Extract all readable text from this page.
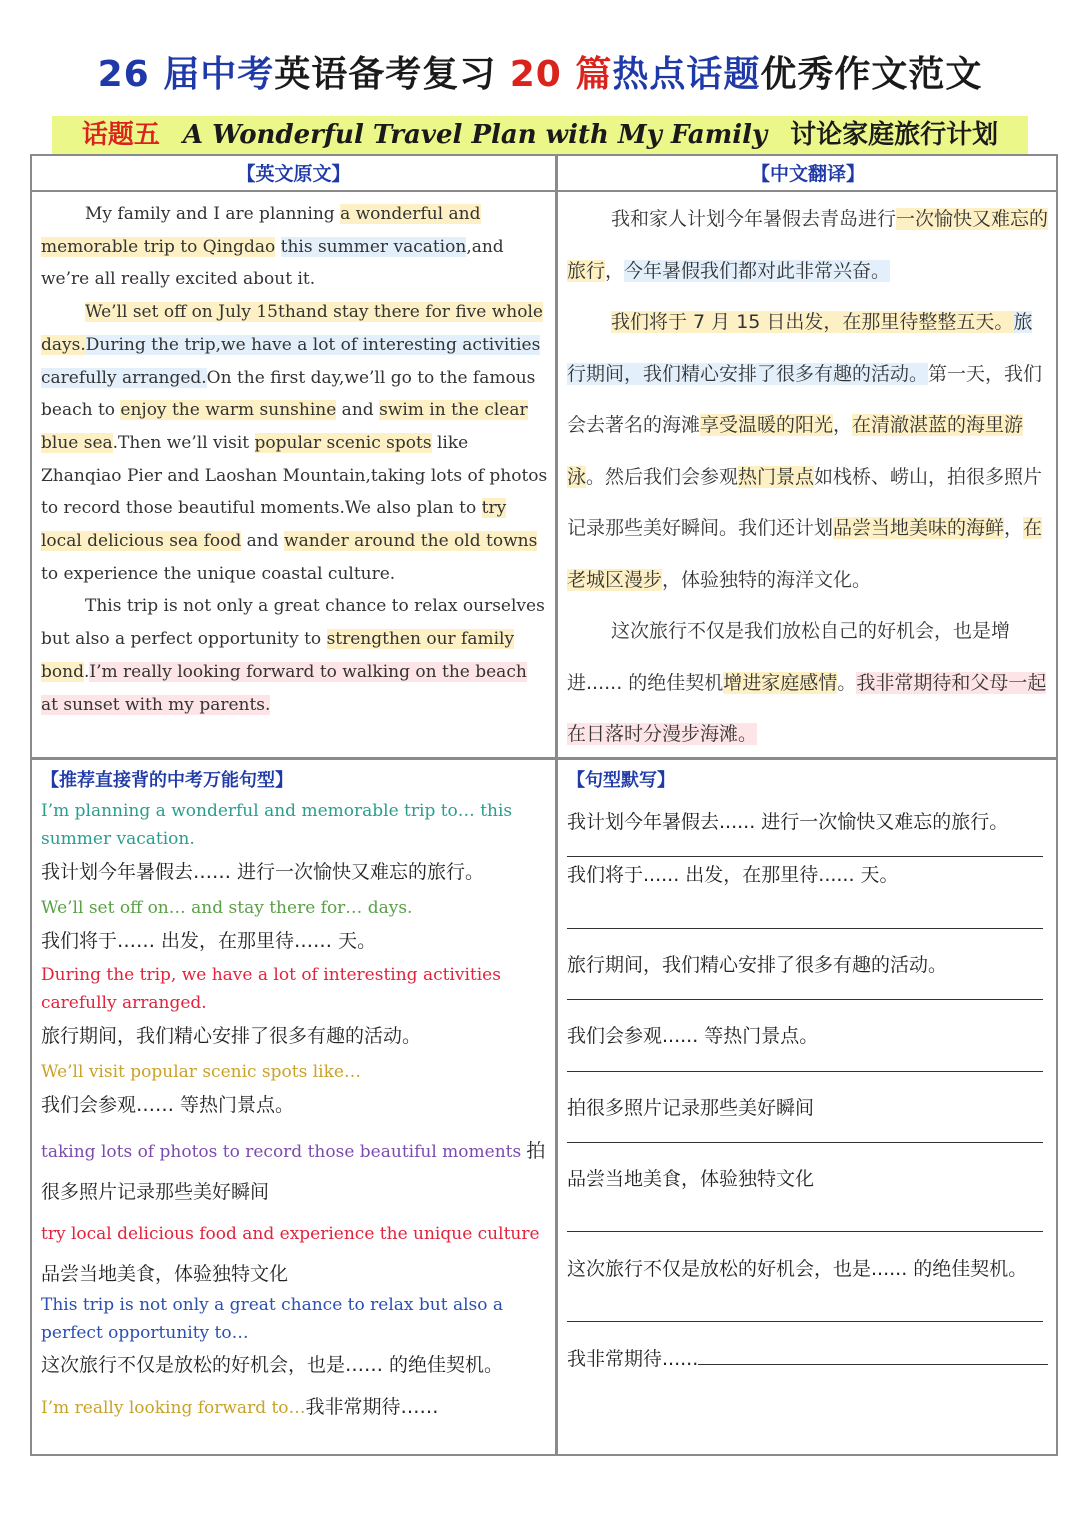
26 届中考英语备考复习 20 篇热点话题优秀作文范文
话题五 A Wonderful Travel Plan with My Family 讨论家庭旅行计划
【英文原文】	【中文翻译】

My family and I are planning a wonderful and memorable trip to Qingdao this summer vacation,and we’re all really excited about it.

We’ll set off on July 15thand stay there for five whole days.During the trip,we have a lot of interesting activities carefully arranged.On the first day,we’ll go to the famous beach to enjoy the warm sunshine and swim in the clear blue sea.Then we’ll visit popular scenic spots like Zhanqiao Pier and Laoshan Mountain,taking lots of photos to record those beautiful moments.We also plan to try local delicious sea food and wander around the old towns to experience the unique coastal culture.

This trip is not only a great chance to relax ourselves but also a perfect opportunity to strengthen our family bond.I’m really looking forward to walking on the beach at sunset with my parents.

我和家人计划今年暑假去青岛进行一次愉快又难忘的旅行，今年暑假我们都对此非常兴奋。

我们将于 7 月 15 日出发，在那里待整整五天。旅行期间，我们精心安排了很多有趣的活动。第一天，我们会去著名的海滩享受温暖的阳光，在清澈湛蓝的海里游泳。然后我们会参观热门景点如栈桥、崂山，拍很多照片记录那些美好瞬间。我们还计划品尝当地美味的海鲜，在老城区漫步，体验独特的海洋文化。

这次旅行不仅是我们放松自己的好机会，也是增进...... 的绝佳契机增进家庭感情。我非常期待和父母一起在日落时分漫步海滩。

【推荐直接背的中考万能句型】
I’m planning a wonderful and memorable trip to… this summer vacation.
我计划今年暑假去…… 进行一次愉快又难忘的旅行。
We’ll set off on… and stay there for… days.
我们将于…… 出发，在那里待…… 天。
During the trip, we have a lot of interesting activities carefully arranged.
旅行期间，我们精心安排了很多有趣的活动。
We’ll visit popular scenic spots like…
我们会参观…… 等热门景点。
taking lots of photos to record those beautiful moments 拍很多照片记录那些美好瞬间
try local delicious food and experience the unique culture 品尝当地美食，体验独特文化
This trip is not only a great chance to relax but also a perfect opportunity to…
这次旅行不仅是放松的好机会，也是…… 的绝佳契机。
I’m really looking forward to…我非常期待……
【句型默写】
我计划今年暑假去...... 进行一次愉快又难忘的旅行。
我们将于...... 出发，在那里待...... 天。
旅行期间，我们精心安排了很多有趣的活动。
我们会参观...... 等热门景点。
拍很多照片记录那些美好瞬间
品尝当地美食，体验独特文化
这次旅行不仅是放松的好机会，也是...... 的绝佳契机。
我非常期待......
